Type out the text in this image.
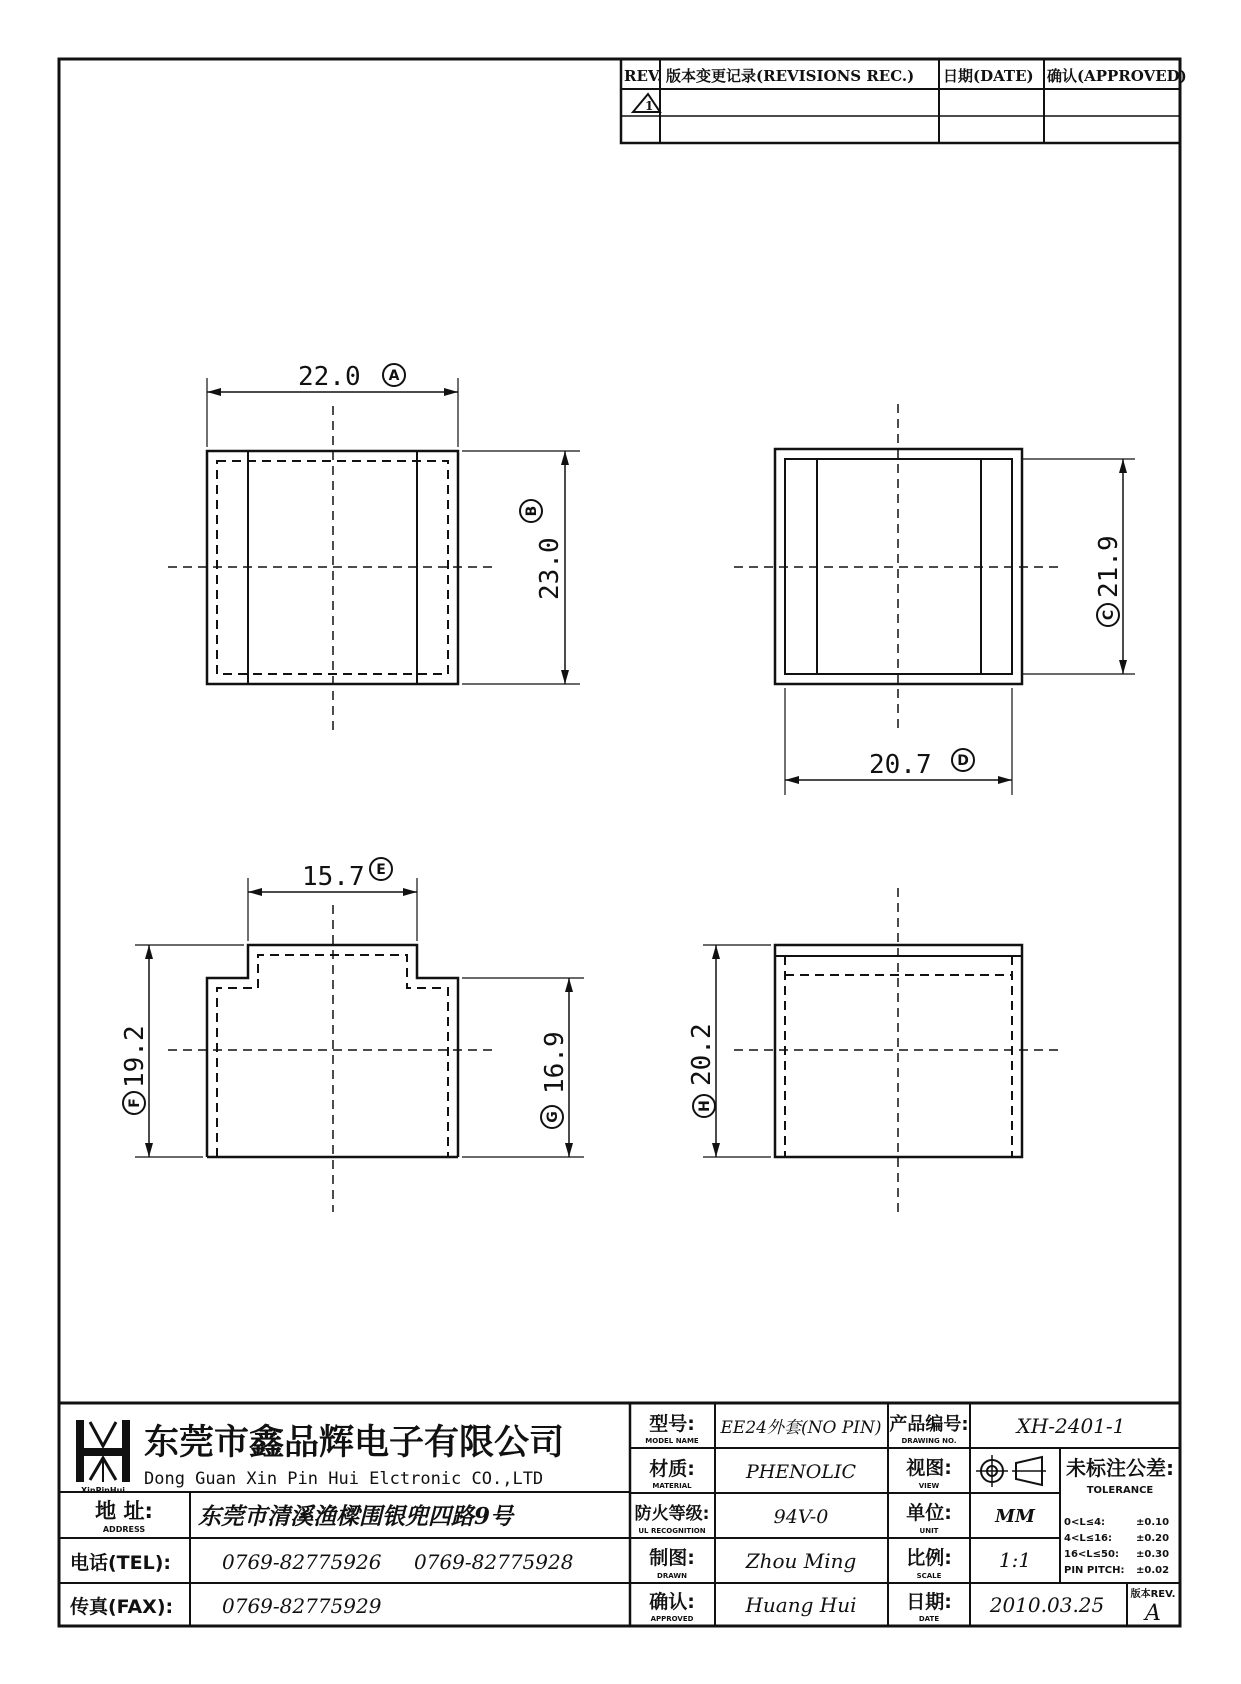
REV. 版本变更记录(REVISIONS REC.) 日期(DATE) 确认(APPROVED)
1
22.0 A
23.0
B
21.9
C
20.7 D
15.7 E
19.2
F
16.9
G
20.2
H
XinPinHui
东莞市鑫品辉电子有限公司
Dong Guan Xin Pin Hui Elctronic CO.,LTD
地 址:
ADDRESS 东莞市清溪渔樑围银兜四路9号
电话(TEL):	0769-82775926 0769-82775928
传真(FAX): 0769-82775929
型号:
MODEL NAME
材质:
MATERIAL
防火等级:
UL RECOGNITION
制图:
DRAWN
确认:
APPROVED
EE24外套(NO PIN)
PHENOLIC
94V-0
Zhou Ming
Huang Hui
产品编号:
DRAWING NO.
视图:
VIEW
单位:
UNIT
比例:
SCALE
日期:
DATE
XH-2401-1
MM
1:1
2010.03.25
未标注公差:
TOLERANCE
0<L≤4:	±0.10
4<L≤16: ±0.20
16<L≤50: ±0.30
PIN PITCH: ±0.02
版本REV.
A
